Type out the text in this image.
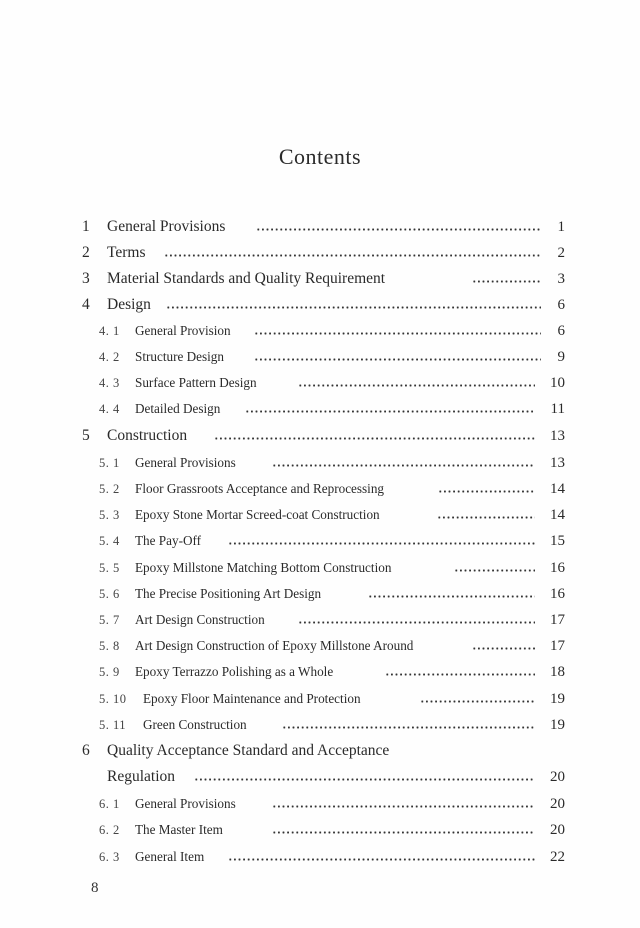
Contents
1 General Provisions	1
2 Terms	2
3 Material Standards and Quality Requirement	3
4 Design	6
4. 1 General Provision	6
4. 2 Structure Design	9
4. 3 Surface Pattern Design	10
4. 4 Detailed Design	11
5 Construction	13
5. 1 General Provisions	13
5. 2 Floor Grassroots Acceptance and Reprocessing	14
5. 3 Epoxy Stone Mortar Screed-coat Construction	14
5. 4 The Pay-Off	15
5. 5 Epoxy Millstone Matching Bottom Construction	16
5. 6 The Precise Positioning Art Design	16
5. 7 Art Design Construction	17
5. 8 Art Design Construction of Epoxy Millstone Around	17
5. 9 Epoxy Terrazzo Polishing as a Whole	18
5. 10 Epoxy Floor Maintenance and Protection	19
5. 11 Green Construction	19
6 Quality Acceptance Standard and Acceptance
Regulation	20
6. 1 General Provisions	20
6. 2 The Master Item	20
6. 3 General Item	22
8
